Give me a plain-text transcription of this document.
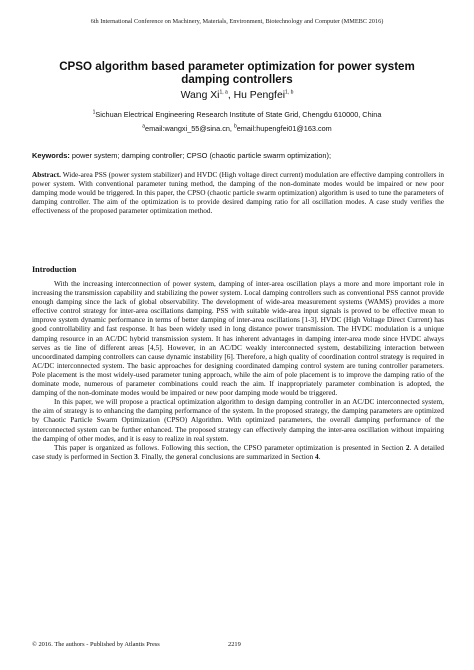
6th International Conference on Machinery, Materials, Environment, Biotechnology and Computer (MMEBC 2016)
CPSO algorithm based parameter optimization for power system
damping controllers
Wang Xi$^{1, a}$, Hu Pengfei$^{1, b}$
$^1$Sichuan Electrical Engineering Research Institute of State Grid, Chengdu 610000, China
$^a$email:wangxi_55@sina.cn, $^b$email:hupengfei01@163.com
Keywords: power system; damping controller; CPSO (chaotic particle swarm optimization);
Abstract. Wide-area PSS (power system stabilizer) and HVDC (High voltage direct current) modulation are effective damping controllers in power system. With conventional parameter tuning method, the damping of the non-dominate modes would be impaired or new poor damping mode would be triggered. In this paper, the CPSO (chaotic particle swarm optimization) algorithm is used to tune the parameters of damping controller. The aim of the optimization is to provide desired damping ratio for all oscillation modes. A case study verifies the effectiveness of the proposed parameter optimization method.
Introduction

With the increasing interconnection of power system, damping of inter-area oscillation plays a more and more important role in increasing the transmission capability and stabilizing the power system. Local damping controllers such as conventional PSS cannot provide enough damping since the lack of global observability. The development of wide-area measurement systems (WAMS) provides a more effective control strategy for inter-area oscillations damping. PSS with suitable wide-area input signals is proved to be effective mean to improve system dynamic performance in terms of better damping of inter-area oscillations [1-3]. HVDC (High Voltage Direct Current) has good controllability and fast response. It has been widely used in long distance power transmission. The HVDC modulation is a unique damping resource in an AC/DC hybrid transmission system. It has inherent advantages in damping inter-area mode since HVDC always serves as tie line of different areas [4,5]. However, in an AC/DC weakly interconnected system, destabilizing interaction between uncoordinated damping controllers can cause dynamic instability [6]. Therefore, a high quality of coordination control strategy is required in AC/DC interconnected system. The basic approaches for designing coordinated damping control system are tuning controller parameters. Pole placement is the most widely-used parameter tuning approach, while the aim of pole placement is to improve the damping ratio of the dominate mode, numerous of parameter combinations could reach the aim. If inappropriately parameter combination is adopted, the damping of the non-dominate modes would be impaired or new poor damping mode would be triggered.

In this paper, we will propose a practical optimization algorithm to design damping controller in an AC/DC interconnected system, the aim of strategy is to enhancing the damping performance of the system. In the proposed strategy, the damping parameters are optimized by Chaotic Particle Swarm Optimization (CPSO) Algorithm. With optimized parameters, the overall damping performance of the interconnected system can be further enhanced. The proposed strategy can effectively damping the inter-area oscillation without impairing the damping of other modes, and it is easy to realize in real system.

This paper is organized as follows. Following this section, the CPSO parameter optimization is presented in Section 2. A detailed case study is performed in Section 3. Finally, the general conclusions are summarized in Section 4.

© 2016. The authors - Published by Atlantis Press	2219
